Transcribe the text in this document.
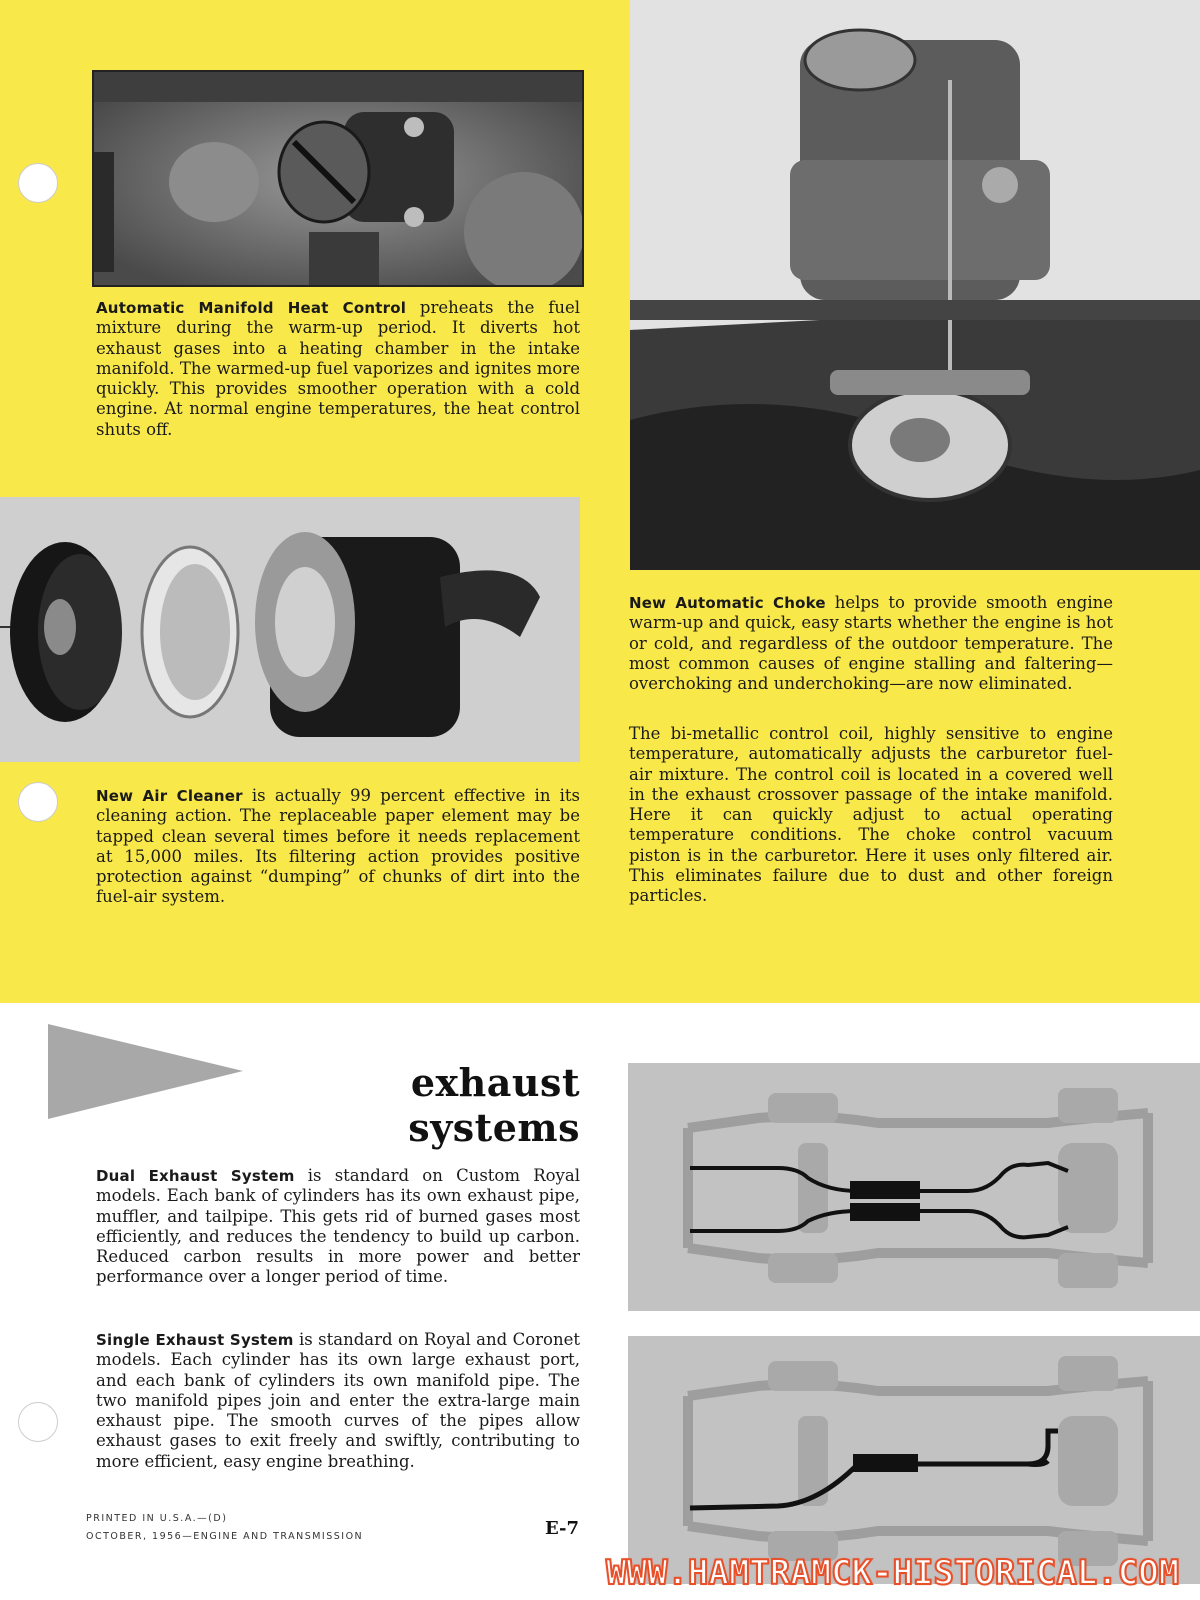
Automatic Manifold Heat Control preheats the fuel mixture during the warm-up period. It diverts hot exhaust gases into a heating chamber in the intake manifold. The warmed-up fuel vaporizes and ignites more quickly. This provides smoother operation with a cold engine. At normal engine temperatures, the heat control shuts off.

New Air Cleaner is actually 99 percent effective in its cleaning action. The replaceable paper element may be tapped clean several times before it needs replacement at 15,000 miles. Its filtering action provides positive protection against “dumping” of chunks of dirt into the fuel-air system.

New Automatic Choke helps to provide smooth engine warm-up and quick, easy starts whether the engine is hot or cold, and regardless of the outdoor temperature. The most common causes of engine stalling and faltering—overchoking and underchoking—are now eliminated.

The bi-metallic control coil, highly sensitive to engine temperature, automatically adjusts the carburetor fuel-air mixture. The control coil is located in a covered well in the exhaust crossover passage of the intake manifold. Here it can quickly adjust to actual operating temperature conditions. The choke control vacuum piston is in the carburetor. Here it uses only filtered air. This eliminates failure due to dust and other foreign particles.

exhaust systems

Dual Exhaust System is standard on Custom Royal models. Each bank of cylinders has its own exhaust pipe, muffler, and tailpipe. This gets rid of burned gases most efficiently, and reduces the tendency to build up carbon. Reduced carbon results in more power and better performance over a longer period of time.

Single Exhaust System is standard on Royal and Coronet models. Each cylinder has its own large exhaust port, and each bank of cylinders its own manifold pipe. The two manifold pipes join and enter the extra-large main exhaust pipe. The smooth curves of the pipes allow exhaust gases to exit freely and swiftly, contributing to more efficient, easy engine breathing.

PRINTED IN U.S.A.—(D)
OCTOBER, 1956—ENGINE AND TRANSMISSION	E-7
WWW.HAMTRAMCK-HISTORICAL.COM
